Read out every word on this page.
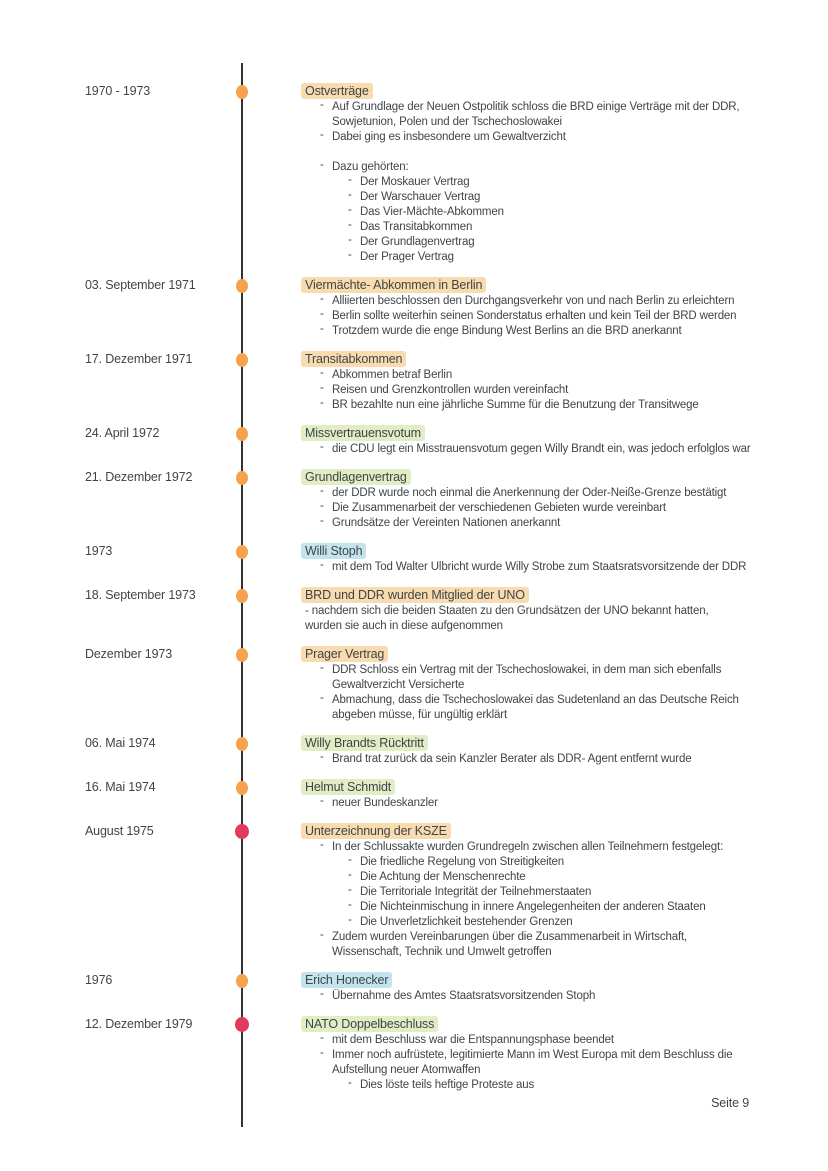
1970 - 1973	Ostverträge
- Auf Grundlage der Neuen Ostpolitik schloss die BRD einige Verträge mit der DDR,
Sowjetunion, Polen und der Tschechoslowakei
- Dabei ging es insbesondere um Gewaltverzicht
- Dazu gehörten:
- Der Moskauer Vertrag
- Der Warschauer Vertrag
- Das Vier-Mächte-Abkommen
- Das Transitabkommen
- Der Grundlagenvertrag
- Der Prager Vertrag
03. September 1971	Viermächte- Abkommen in Berlin
- Alliierten beschlossen den Durchgangsverkehr von und nach Berlin zu erleichtern
- Berlin sollte weiterhin seinen Sonderstatus erhalten und kein Teil der BRD werden
- Trotzdem wurde die enge Bindung West Berlins an die BRD anerkannt
17. Dezember 1971	Transitabkommen
- Abkommen betraf Berlin
- Reisen und Grenzkontrollen wurden vereinfacht
- BR bezahlte nun eine jährliche Summe für die Benutzung der Transitwege
24. April 1972	Missvertrauensvotum
- die CDU legt ein Misstrauensvotum gegen Willy Brandt ein, was jedoch erfolglos war
21. Dezember 1972	Grundlagenvertrag
- der DDR wurde noch einmal die Anerkennung der Oder-Neiße-Grenze bestätigt
- Die Zusammenarbeit der verschiedenen Gebieten wurde vereinbart
- Grundsätze der Vereinten Nationen anerkannt
1973	Willi Stoph
- mit dem Tod Walter Ulbricht wurde Willy Strobe zum Staatsratsvorsitzende der DDR
18. September 1973	BRD und DDR wurden Mitglied der UNO
- nachdem sich die beiden Staaten zu den Grundsätzen der UNO bekannt hatten,
wurden sie auch in diese aufgenommen
Dezember 1973	Prager Vertrag
- DDR Schloss ein Vertrag mit der Tschechoslowakei, in dem man sich ebenfalls
Gewaltverzicht Versicherte
- Abmachung, dass die Tschechoslowakei das Sudetenland an das Deutsche Reich
abgeben müsse, für ungültig erklärt
06. Mai 1974	Willy Brandts Rücktritt
- Brand trat zurück da sein Kanzler Berater als DDR- Agent entfernt wurde
16. Mai 1974	Helmut Schmidt
- neuer Bundeskanzler
August 1975	Unterzeichnung der KSZE
- In der Schlussakte wurden Grundregeln zwischen allen Teilnehmern festgelegt:
- Die friedliche Regelung von Streitigkeiten
- Die Achtung der Menschenrechte
- Die Territoriale Integrität der Teilnehmerstaaten
- Die Nichteinmischung in innere Angelegenheiten der anderen Staaten
- Die Unverletzlichkeit bestehender Grenzen
- Zudem wurden Vereinbarungen über die Zusammenarbeit in Wirtschaft,
Wissenschaft, Technik und Umwelt getroffen
1976	Erich Honecker
- Übernahme des Amtes Staatsratsvorsitzenden Stoph
12. Dezember 1979	NATO Doppelbeschluss
- mit dem Beschluss war die Entspannungsphase beendet
- Immer noch aufrüstete, legitimierte Mann im West Europa mit dem Beschluss die
Aufstellung neuer Atomwaffen
- Dies löste teils heftige Proteste aus
Seite 9
